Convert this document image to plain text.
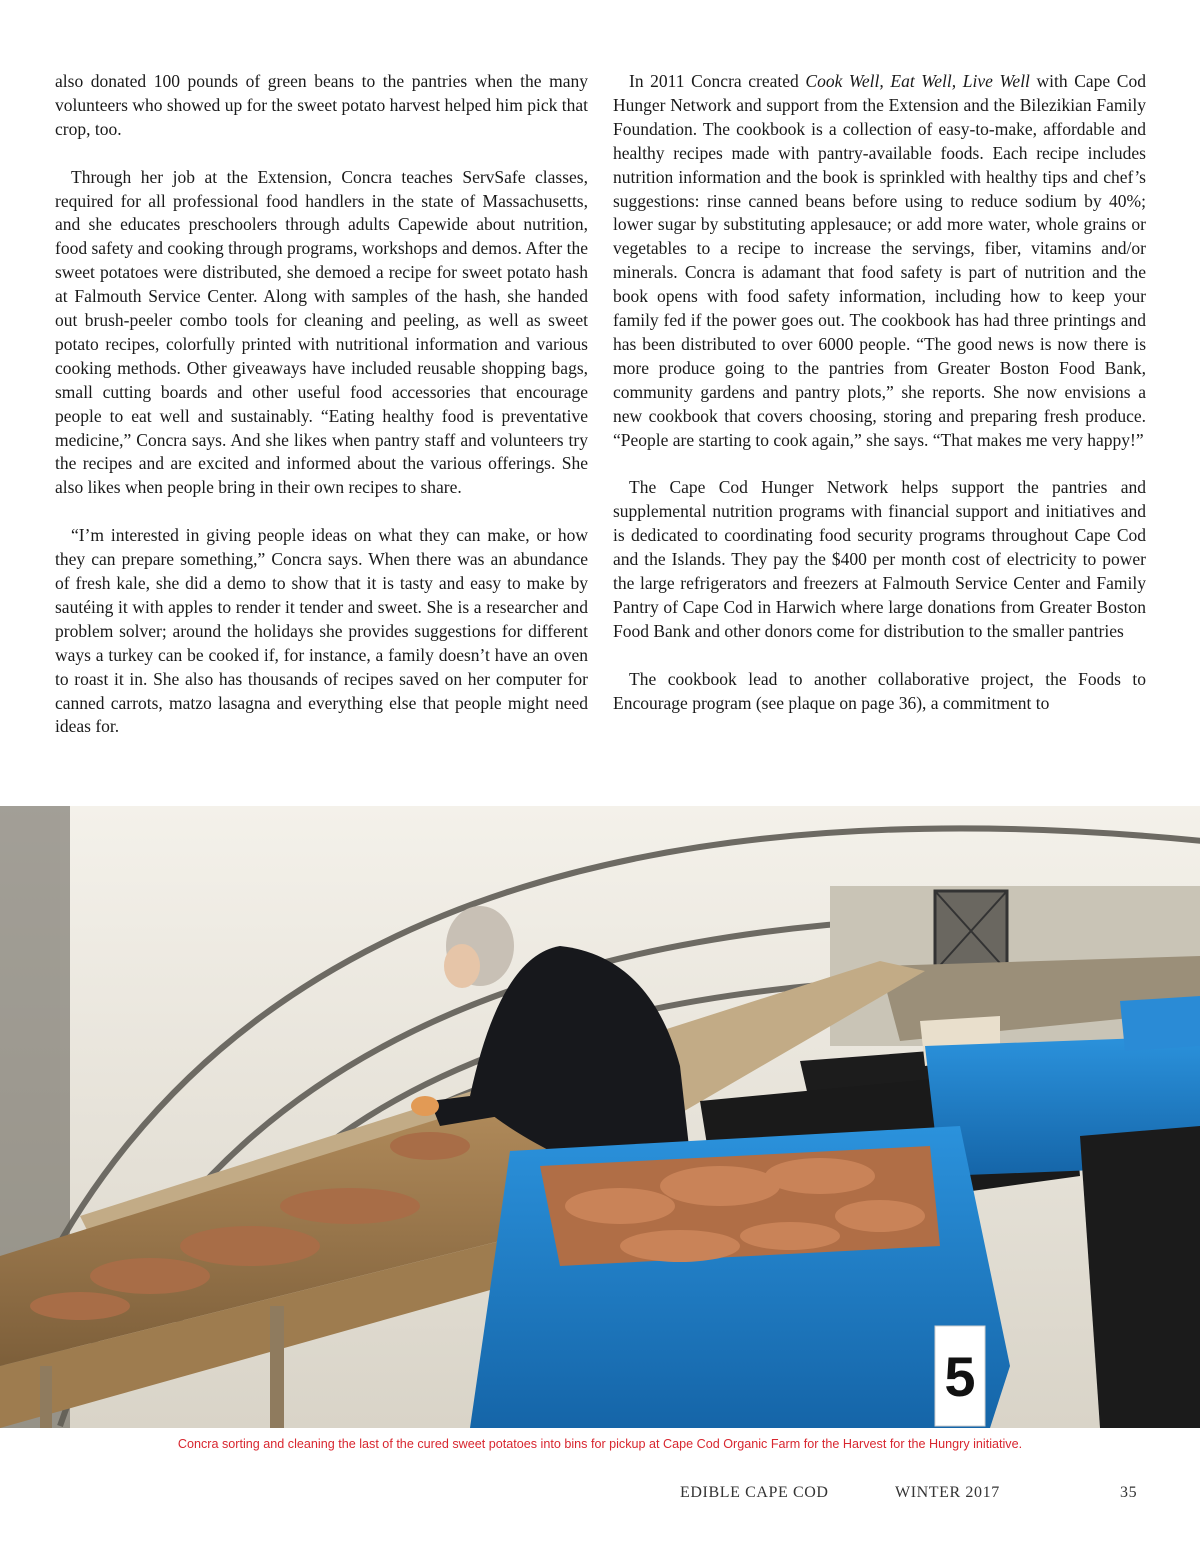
also donated 100 pounds of green beans to the pantries when the many volunteers who showed up for the sweet potato harvest helped him pick that crop, too.

Through her job at the Extension, Concra teaches ServSafe classes, required for all professional food handlers in the state of Massachusetts, and she educates preschoolers through adults Capewide about nutrition, food safety and cooking through programs, workshops and demos. After the sweet potatoes were distributed, she demoed a recipe for sweet potato hash at Falmouth Service Center. Along with samples of the hash, she handed out brush-peeler combo tools for cleaning and peeling, as well as sweet potato recipes, colorfully printed with nutritional information and various cooking methods. Other giveaways have included reusable shopping bags, small cutting boards and other useful food accessories that encourage people to eat well and sustainably. “Eating healthy food is preventative medicine,” Concra says. And she likes when pantry staff and volunteers try the recipes and are excited and informed about the various offerings. She also likes when people bring in their own recipes to share.

“I’m interested in giving people ideas on what they can make, or how they can prepare something,” Concra says. When there was an abundance of fresh kale, she did a demo to show that it is tasty and easy to make by sautéing it with apples to render it tender and sweet. She is a researcher and problem solver; around the holidays she provides suggestions for different ways a turkey can be cooked if, for instance, a family doesn’t have an oven to roast it in. She also has thousands of recipes saved on her computer for canned carrots, matzo lasagna and everything else that people might need ideas for.

In 2011 Concra created Cook Well, Eat Well, Live Well with Cape Cod Hunger Network and support from the Extension and the Bilezikian Family Foundation. The cookbook is a collection of easy-to-make, affordable and healthy recipes made with pantry-available foods. Each recipe includes nutrition information and the book is sprinkled with healthy tips and chef’s suggestions: rinse canned beans before using to reduce sodium by 40%; lower sugar by substituting applesauce; or add more water, whole grains or vegetables to a recipe to increase the servings, fiber, vitamins and/or minerals. Concra is adamant that food safety is part of nutrition and the book opens with food safety information, including how to keep your family fed if the power goes out. The cookbook has had three printings and has been distributed to over 6000 people. “The good news is now there is more produce going to the pantries from Greater Boston Food Bank, community gardens and pantry plots,” she reports. She now envisions a new cookbook that covers choosing, storing and preparing fresh produce. “People are starting to cook again,” she says. “That makes me very happy!”

The Cape Cod Hunger Network helps support the pantries and supplemental nutrition programs with financial support and initiatives and is dedicated to coordinating food security programs throughout Cape Cod and the Islands. They pay the $400 per month cost of electricity to power the large refrigerators and freezers at Falmouth Service Center and Family Pantry of Cape Cod in Harwich where large donations from Greater Boston Food Bank and other donors come for distribution to the smaller pantries

The cookbook lead to another collaborative project, the Foods to Encourage program (see plaque on page 36), a commitment to

5
Concra sorting and cleaning the last of the cured sweet potatoes into bins for pickup at Cape Cod Organic Farm for the Harvest for the Hungry initiative.
EDIBLE CAPE COD	WINTER 2017	35
